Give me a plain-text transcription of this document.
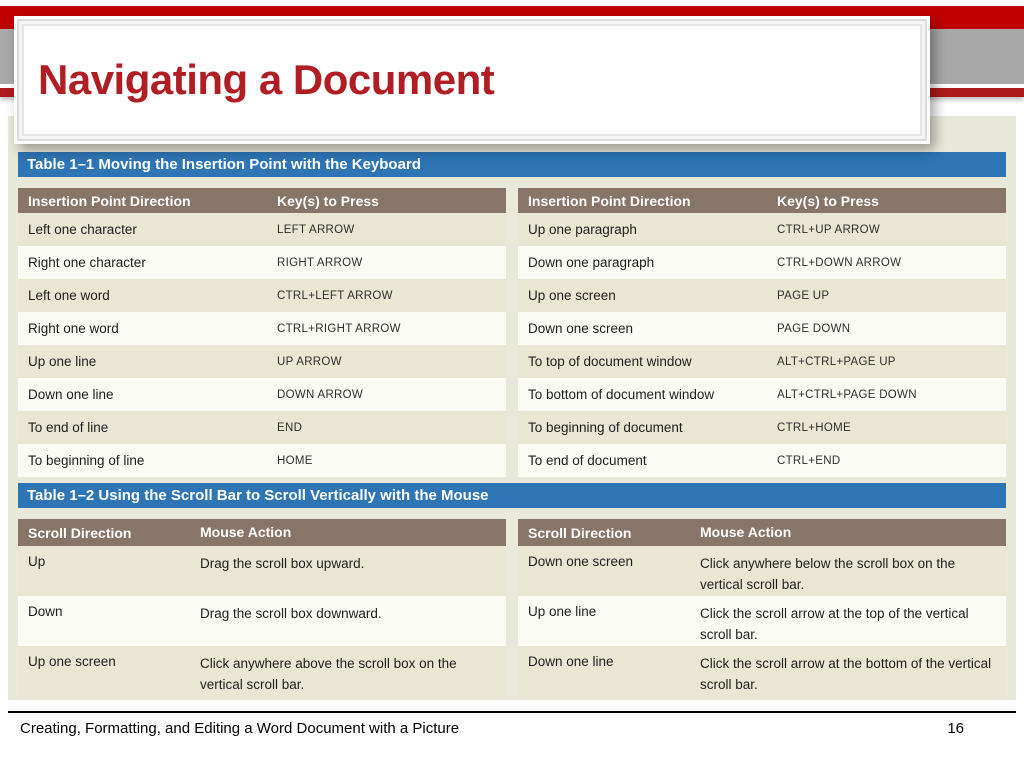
Navigating a Document
Table 1–1 Moving the Insertion Point with the Keyboard
Insertion Point Direction	Key(s) to Press
Left one character	LEFT ARROW
Right one character	RIGHT ARROW
Left one word	CTRL+LEFT ARROW
Right one word	CTRL+RIGHT ARROW
Up one line	UP ARROW
Down one line	DOWN ARROW
To end of line	END
To beginning of line	HOME
Insertion Point Direction	Key(s) to Press
Up one paragraph	CTRL+UP ARROW
Down one paragraph	CTRL+DOWN ARROW
Up one screen	PAGE UP
Down one screen	PAGE DOWN
To top of document window	ALT+CTRL+PAGE UP
To bottom of document window	ALT+CTRL+PAGE DOWN
To beginning of document	CTRL+HOME
To end of document	CTRL+END
Table 1–2 Using the Scroll Bar to Scroll Vertically with the Mouse
Scroll Direction	Mouse Action
Up	Drag the scroll box upward.
Down	Drag the scroll box downward.
Up one screen	Click anywhere above the scroll box on the vertical scroll bar.
Scroll Direction	Mouse Action
Down one screen	Click anywhere below the scroll box on the vertical scroll bar.
Up one line	Click the scroll arrow at the top of the vertical scroll bar.
Down one line	Click the scroll arrow at the bottom of the vertical scroll bar.
Creating, Formatting, and Editing a Word Document with a Picture	16
